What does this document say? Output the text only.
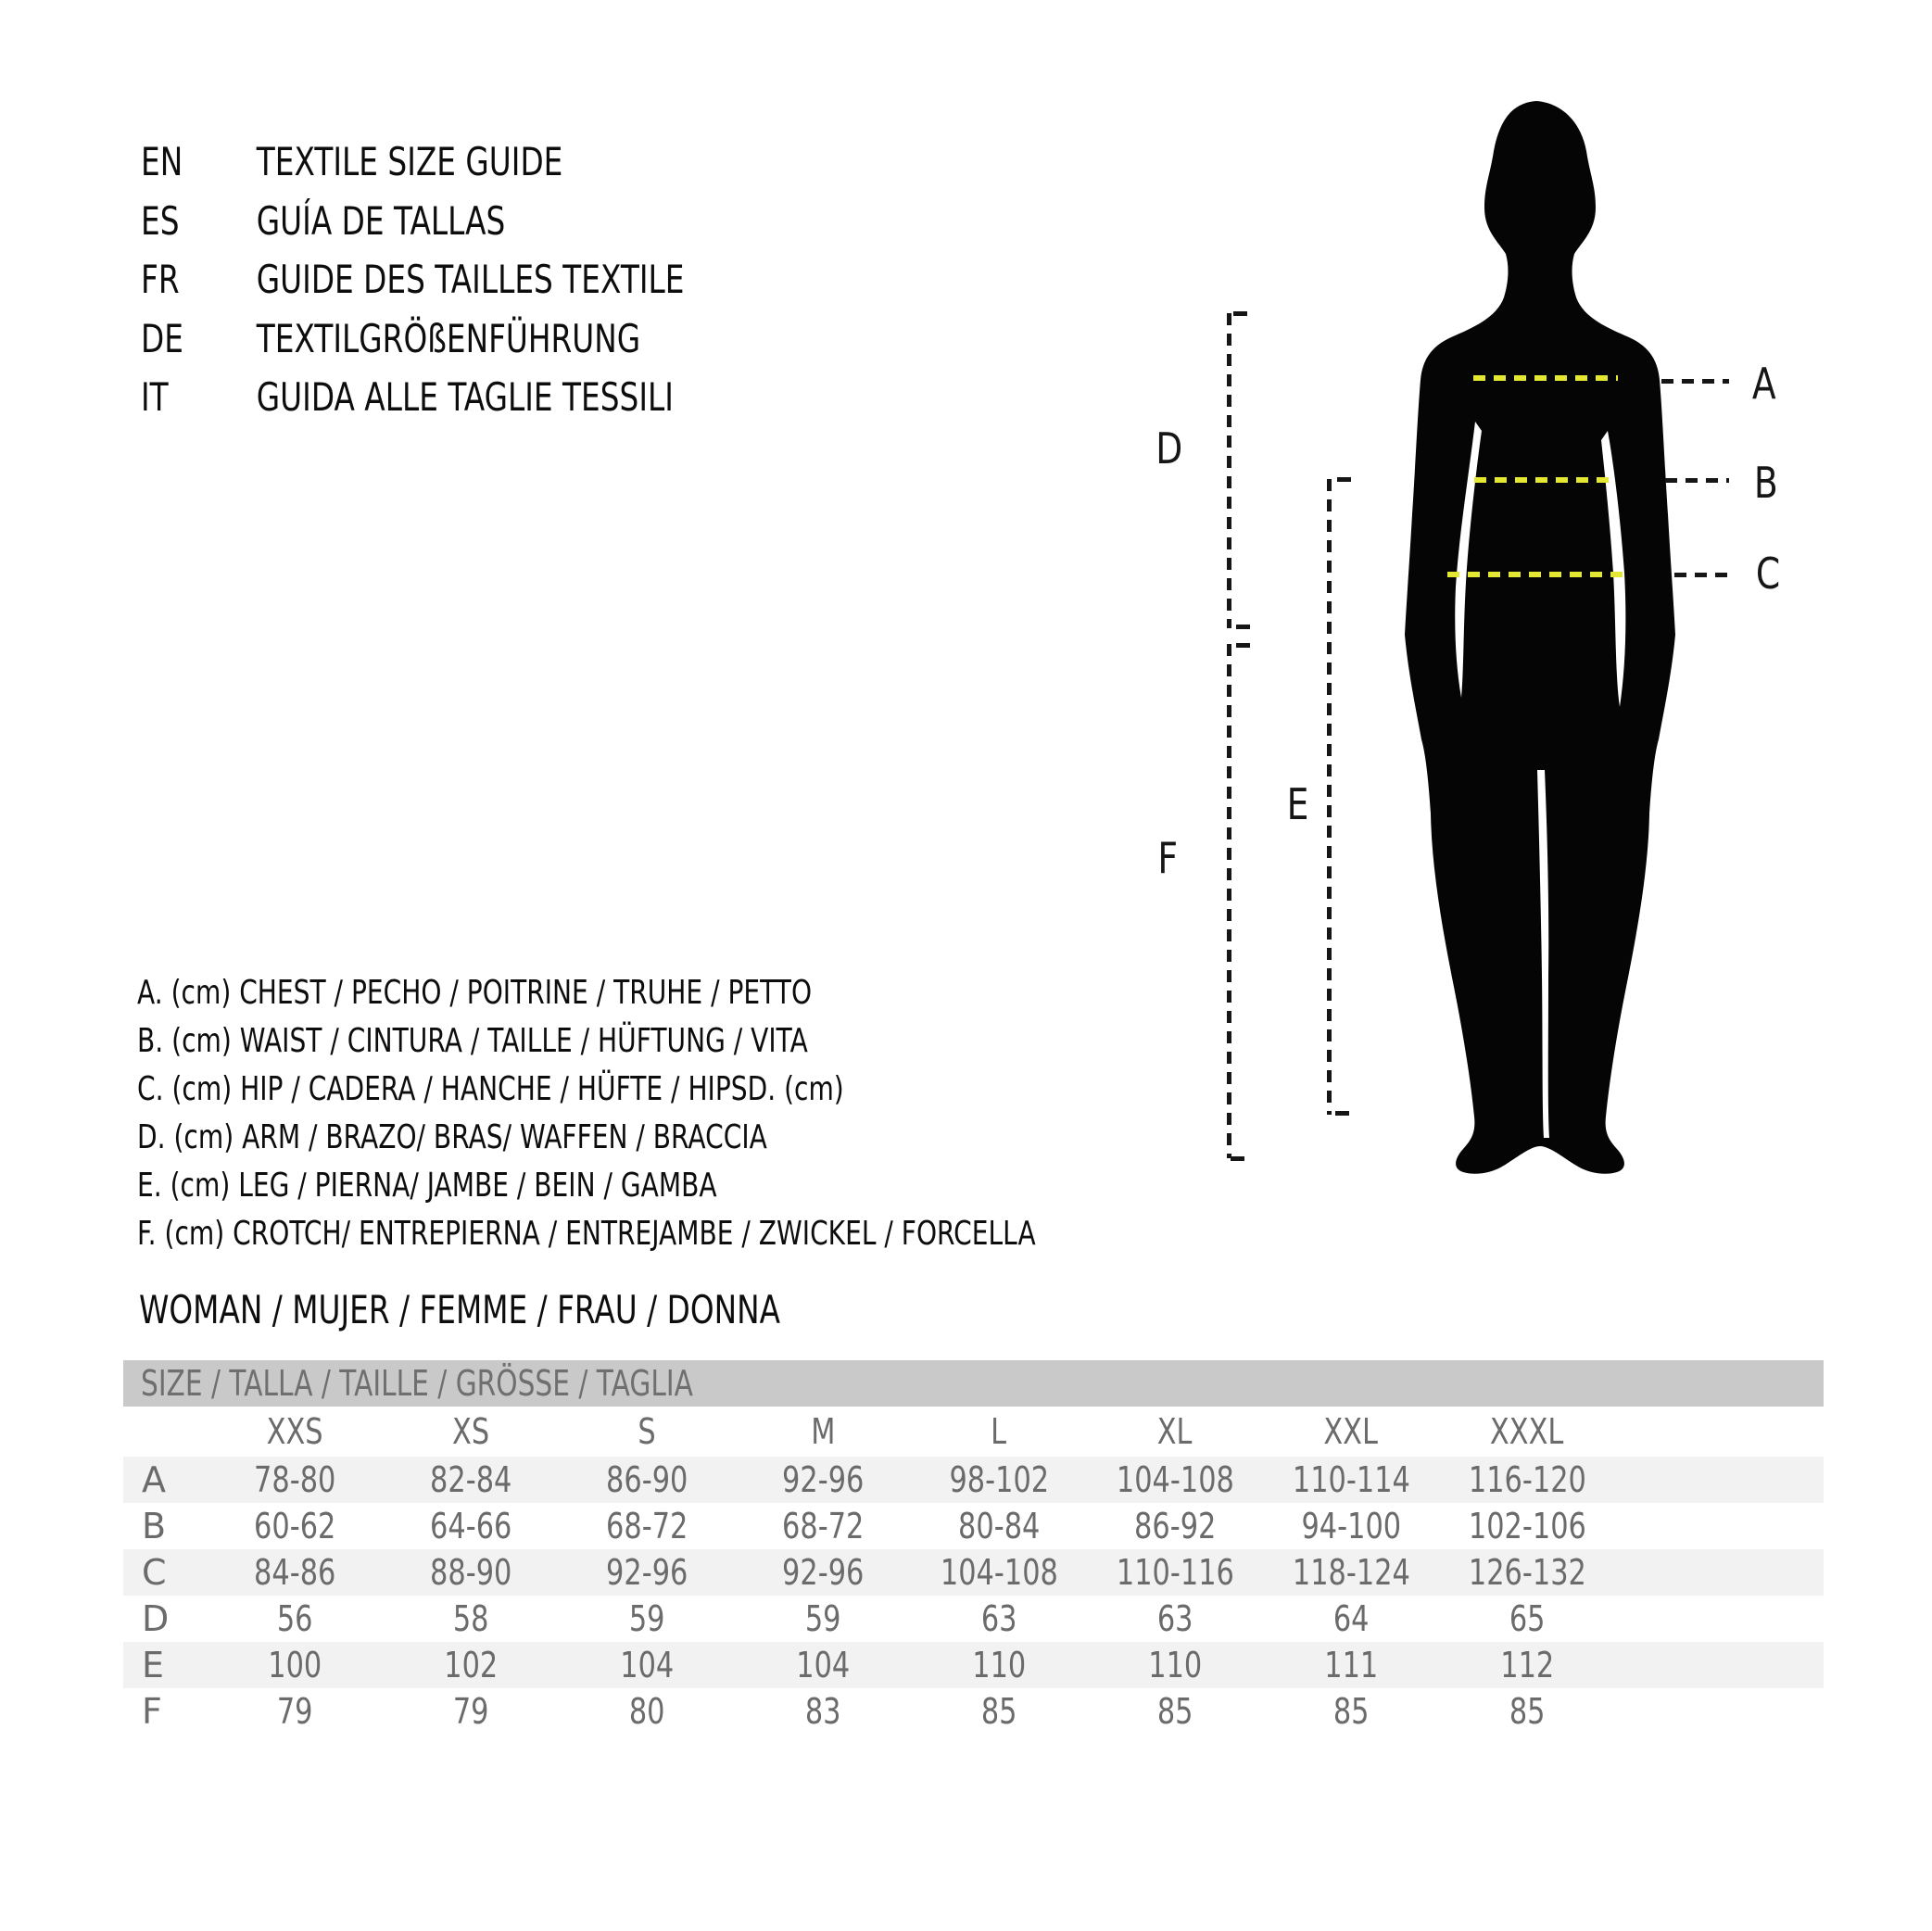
EN TEXTILE SIZE GUIDE
ES GUÍA DE TALLAS
FR GUIDE DES TAILLES TEXTILE
DE TEXTILGRÖßENFÜHRUNG
IT GUIDA ALLE TAGLIE TESSILI	A
B
C
D
E
F
A. (cm) CHEST / PECHO / POITRINE / TRUHE / PETTO
B. (cm) WAIST / CINTURA / TAILLE / HÜFTUNG / VITA
C. (cm) HIP / CADERA / HANCHE / HÜFTE / HIPSD. (cm)
D. (cm) ARM / BRAZO/ BRAS/ WAFFEN / BRACCIA
E. (cm) LEG / PIERNA/ JAMBE / BEIN / GAMBA
F. (cm) CROTCH/ ENTREPIERNA / ENTREJAMBE / ZWICKEL / FORCELLA
WOMAN / MUJER / FEMME / FRAU / DONNA
SIZE / TALLA / TAILLE / GRÖSSE / TAGLIA
XXS	XS	S	M	L	XL	XXL	XXXL
A	78-80	82-84	86-90	92-96	98-102	104-108	110-114	116-120
B	60-62	64-66	68-72	68-72	80-84	86-92	94-100	102-106
C	84-86	88-90	92-96	92-96	104-108	110-116	118-124	126-132
D	56	58	59	59	63	63	64	65
E	100	102	104	104	110	110	111	112
F	79	79	80	83	85	85	85	85
